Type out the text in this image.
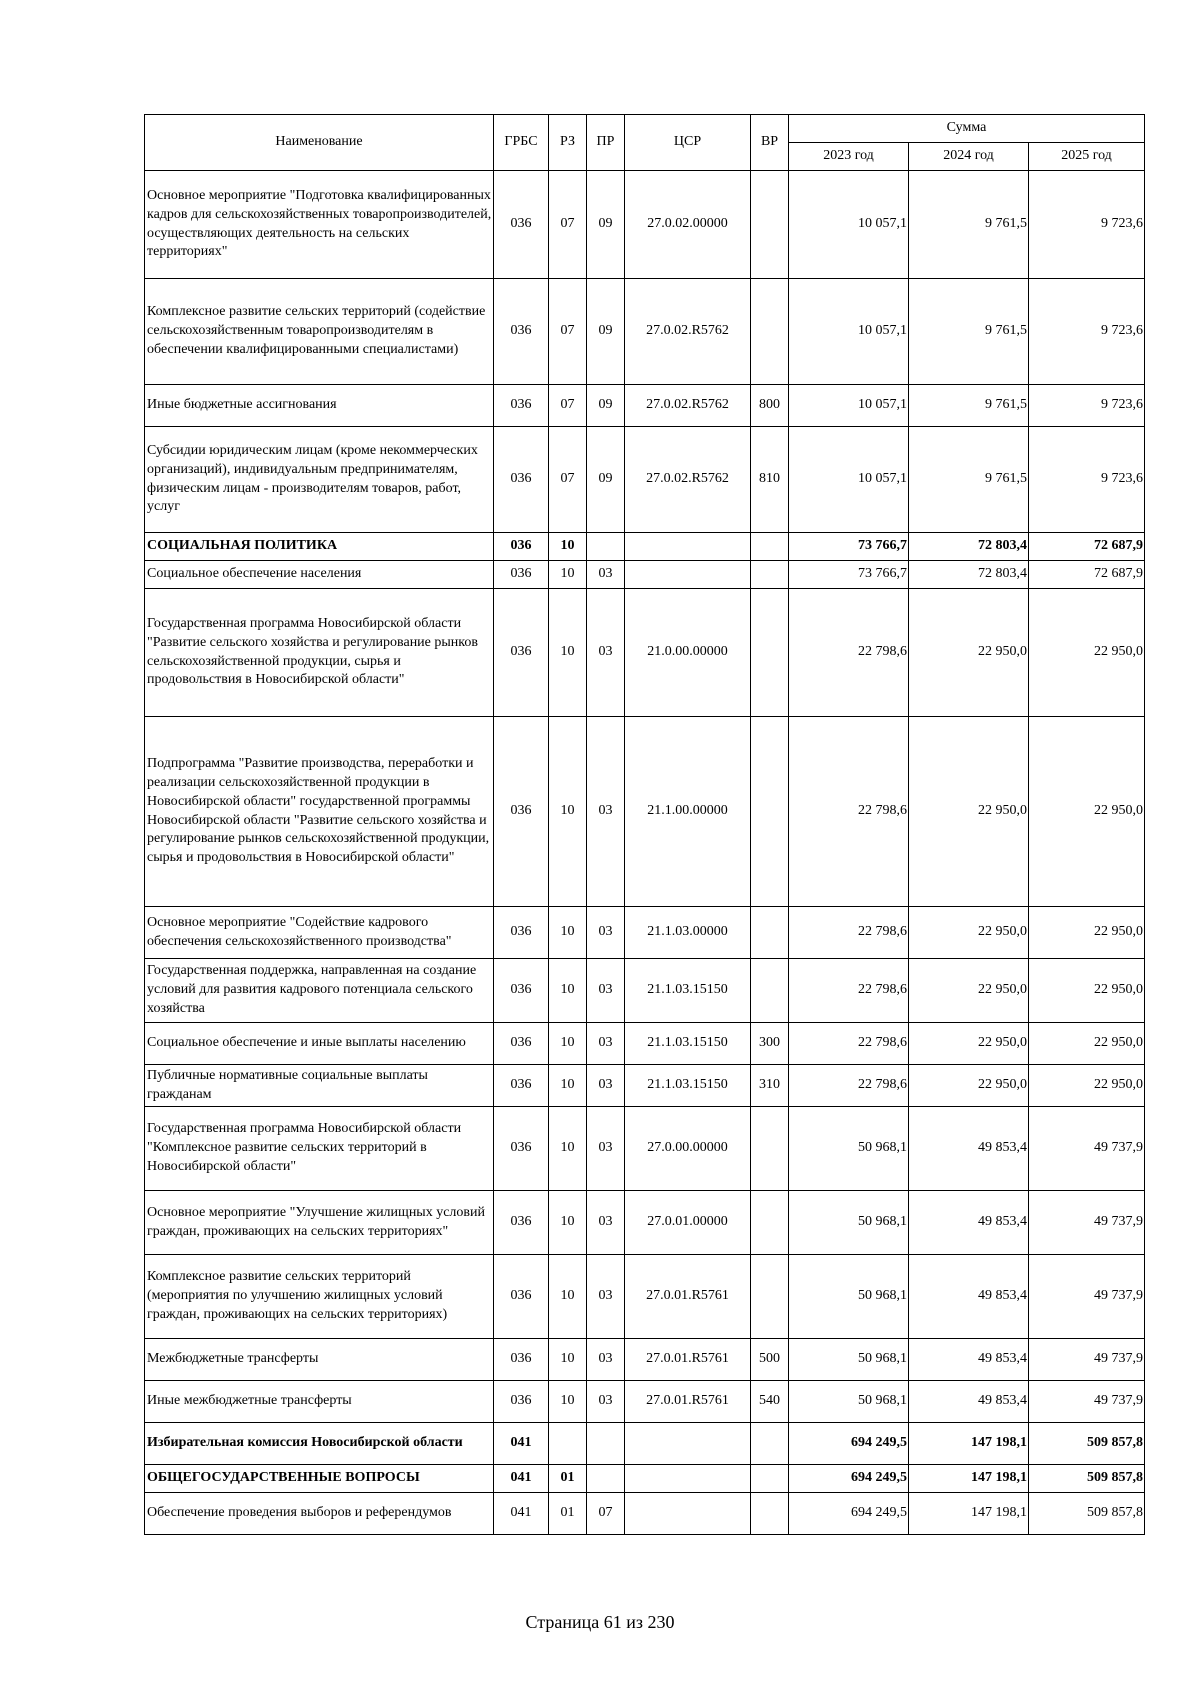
Наименование	ГРБС	РЗ	ПР	ЦСР	ВР	Сумма		
						2023 год	2024 год	2025 год
Основное мероприятие "Подготовка квалифицированных кадров для сельскохозяйственных товаропроизводителей, осуществляющих деятельность на сельских территориях"	036	07	09	27.0.02.00000		10 057,1	9 761,5	9 723,6
Комплексное развитие сельских территорий (содействие сельскохозяйственным товаропроизводителям в обеспечении квалифицированными специалистами)	036	07	09	27.0.02.R5762		10 057,1	9 761,5	9 723,6
Иные бюджетные ассигнования	036	07	09	27.0.02.R5762	800	10 057,1	9 761,5	9 723,6
Субсидии юридическим лицам (кроме некоммерческих организаций), индивидуальным предпринимателям, физическим лицам - производителям товаров, работ, услуг	036	07	09	27.0.02.R5762	810	10 057,1	9 761,5	9 723,6
СОЦИАЛЬНАЯ ПОЛИТИКА	036	10				73 766,7	72 803,4	72 687,9
Социальное обеспечение населения	036	10	03			73 766,7	72 803,4	72 687,9
Государственная программа Новосибирской области "Развитие сельского хозяйства и регулирование рынков сельскохозяйственной продукции, сырья и продовольствия в Новосибирской области"	036	10	03	21.0.00.00000		22 798,6	22 950,0	22 950,0
Подпрограмма "Развитие производства, переработки и реализации сельскохозяйственной продукции в Новосибирской области" государственной программы Новосибирской области "Развитие сельского хозяйства и регулирование рынков сельскохозяйственной продукции, сырья и продовольствия в Новосибирской области"	036	10	03	21.1.00.00000		22 798,6	22 950,0	22 950,0
Основное мероприятие "Содействие кадрового обеспечения сельскохозяйственного производства"	036	10	03	21.1.03.00000		22 798,6	22 950,0	22 950,0
Государственная поддержка, направленная на создание условий для развития кадрового потенциала сельского хозяйства	036	10	03	21.1.03.15150		22 798,6	22 950,0	22 950,0
Социальное обеспечение и иные выплаты населению	036	10	03	21.1.03.15150	300	22 798,6	22 950,0	22 950,0
Публичные нормативные социальные выплаты гражданам	036	10	03	21.1.03.15150	310	22 798,6	22 950,0	22 950,0
Государственная программа Новосибирской области "Комплексное развитие сельских территорий в Новосибирской области"	036	10	03	27.0.00.00000		50 968,1	49 853,4	49 737,9
Основное мероприятие "Улучшение жилищных условий граждан, проживающих на сельских территориях"	036	10	03	27.0.01.00000		50 968,1	49 853,4	49 737,9
Комплексное развитие сельских территорий (мероприятия по улучшению жилищных условий граждан, проживающих на сельских территориях)	036	10	03	27.0.01.R5761		50 968,1	49 853,4	49 737,9
Межбюджетные трансферты	036	10	03	27.0.01.R5761	500	50 968,1	49 853,4	49 737,9
Иные межбюджетные трансферты	036	10	03	27.0.01.R5761	540	50 968,1	49 853,4	49 737,9
Избирательная комиссия Новосибирской области	041					694 249,5	147 198,1	509 857,8
ОБЩЕГОСУДАРСТВЕННЫЕ ВОПРОСЫ	041	01				694 249,5	147 198,1	509 857,8
Обеспечение проведения выборов и референдумов	041	01	07			694 249,5	147 198,1	509 857,8
Страница 61 из 230
